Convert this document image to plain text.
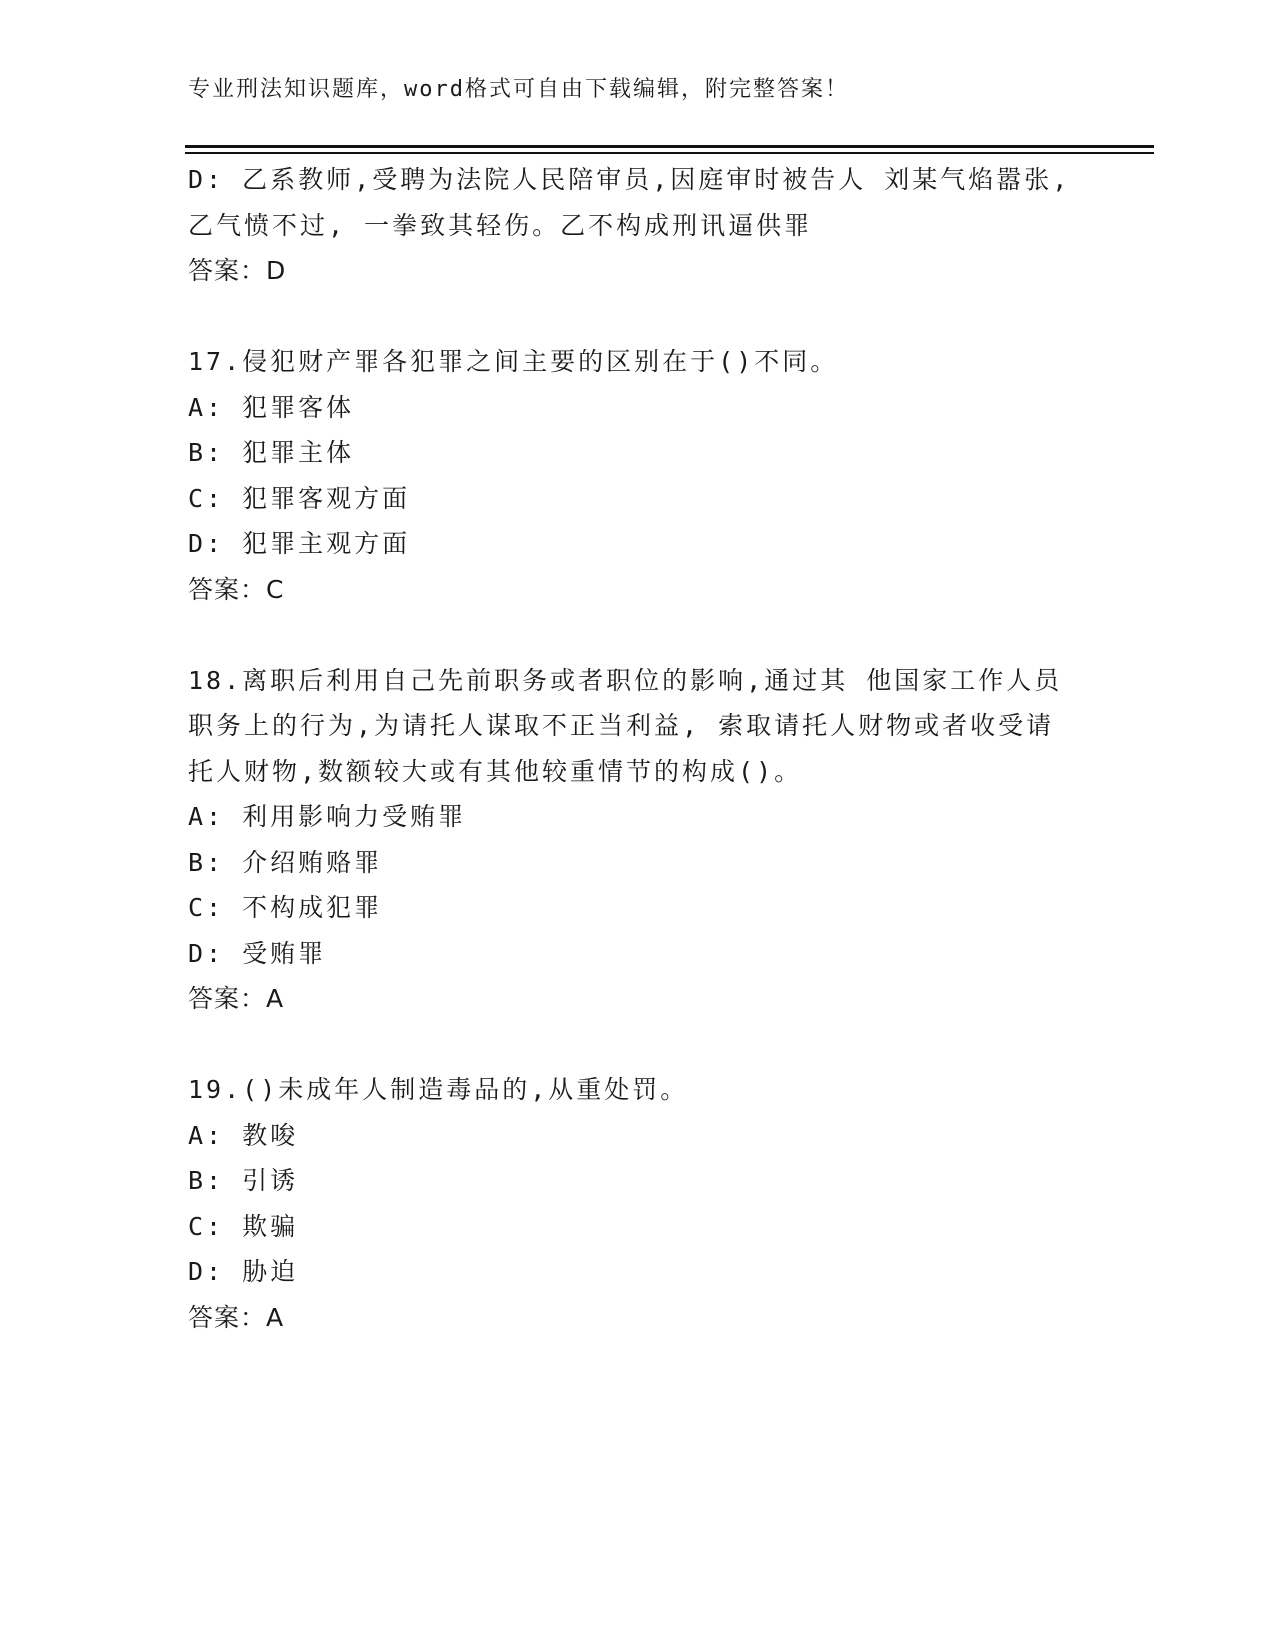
专业刑法知识题库，word格式可自由下载编辑，附完整答案！
D: 乙系教师,受聘为法院人民陪审员,因庭审时被告人 刘某气焰嚣张,
乙气愤不过, 一拳致其轻伤。乙不构成刑讯逼供罪
答案：D
17.侵犯财产罪各犯罪之间主要的区别在于()不同。
A: 犯罪客体
B: 犯罪主体
C: 犯罪客观方面
D: 犯罪主观方面
答案：C
18.离职后利用自己先前职务或者职位的影响,通过其 他国家工作人员
职务上的行为,为请托人谋取不正当利益, 索取请托人财物或者收受请
托人财物,数额较大或有其他较重情节的构成()。
A: 利用影响力受贿罪
B: 介绍贿赂罪
C: 不构成犯罪
D: 受贿罪
答案：A
19.()未成年人制造毒品的,从重处罚。
A: 教唆
B: 引诱
C: 欺骗
D: 胁迫
答案：A
